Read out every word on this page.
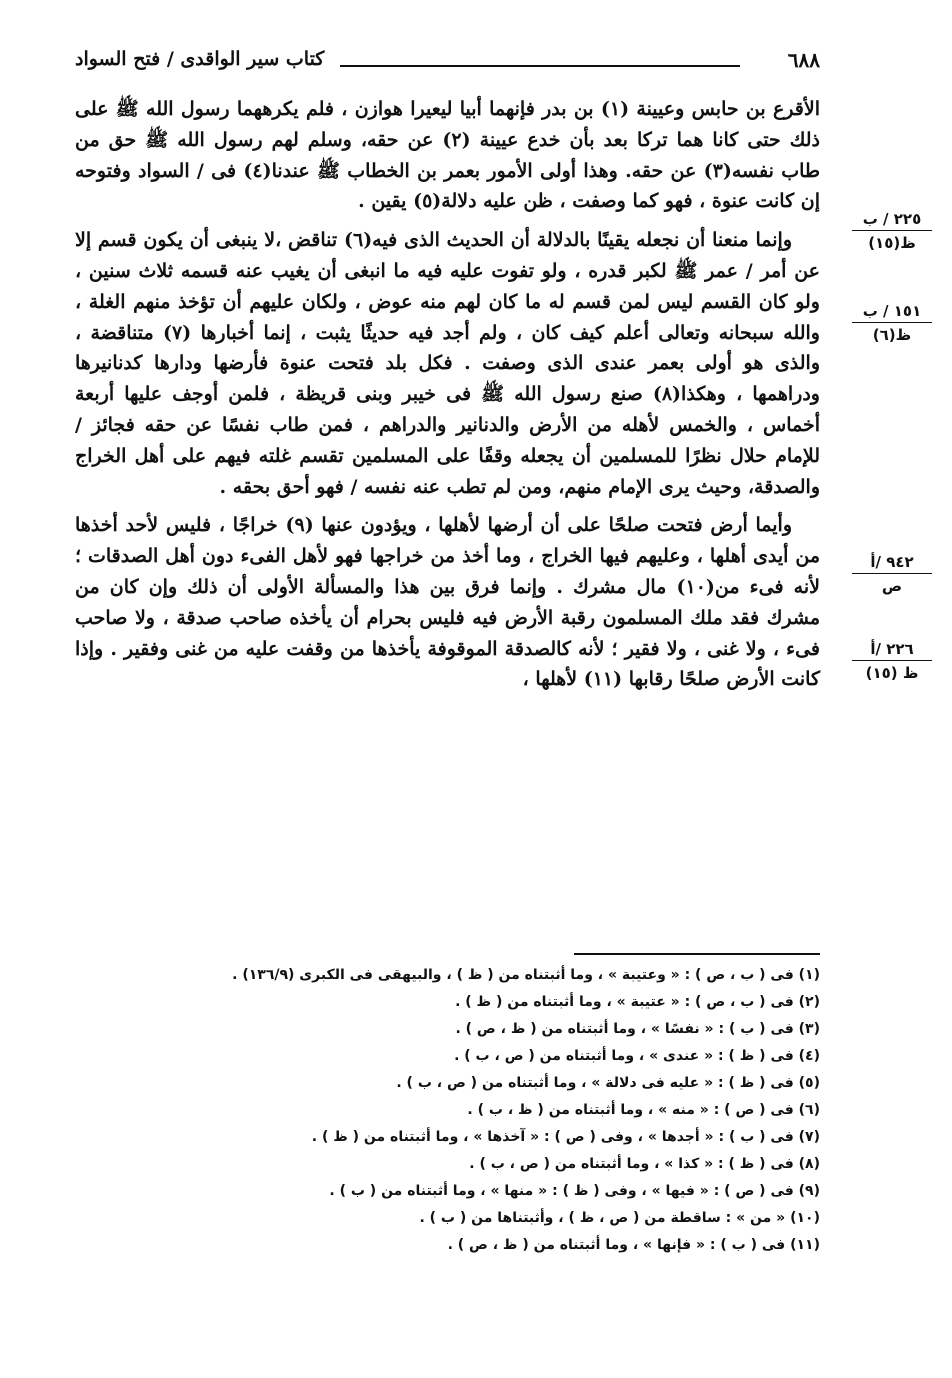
كتاب سير الواقدى / فتح السواد	٦٨٨
٢٢٥ / ب
ظ(١٥)
١٥١ / ب
ظ(٦)
٩٤٢ /أ
ص
٢٢٦ /أ
ظ (١٥)

الأقرع بن حابس وعيينة (١) بن بدر فإنهما أبيا ليعيرا هوازن ، فلم يكرههما رسول الله ﷺ على ذلك حتى كانا هما تركا بعد بأن خدع عيينة (٢) عن حقه، وسلم لهم رسول الله ﷺ حق من طاب نفسه(٣) عن حقه. وهذا أولى الأمور بعمر بن الخطاب ﷺ عندنا(٤) فى / السواد وفتوحه إن كانت عنوة ، فهو كما وصفت ، ظن عليه دلالة(٥) يقين .

وإنما منعنا أن نجعله يقينًا بالدلالة أن الحديث الذى فيه(٦) تناقض ،لا ينبغى أن يكون قسم إلا عن أمر / عمر ﷺ لكبر قدره ، ولو تفوت عليه فيه ما انبغى أن يغيب عنه قسمه ثلاث سنين ، ولو كان القسم ليس لمن قسم له ما كان لهم منه عوض ، ولكان عليهم أن تؤخذ منهم الغلة ، والله سبحانه وتعالى أعلم كيف كان ، ولم أجد فيه حديثًا يثبت ، إنما أخبارها (٧) متناقضة ، والذى هو أولى بعمر عندى الذى وصفت . فكل بلد فتحت عنوة فأرضها ودارها كدنانيرها ودراهمها ، وهكذا(٨) صنع رسول الله ﷺ فى خيبر وبنى قريظة ، فلمن أوجف عليها أربعة أخماس ، والخمس لأهله من الأرض والدنانير والدراهم ، فمن طاب نفسًا عن حقه فجائز / للإمام حلال نظرًا للمسلمين أن يجعله وقفًا على المسلمين تقسم غلته فيهم على أهل الخراج والصدقة، وحيث يرى الإمام منهم، ومن لم تطب عنه نفسه / فهو أحق بحقه .

وأيما أرض فتحت صلحًا على أن أرضها لأهلها ، ويؤدون عنها (٩) خراجًا ، فليس لأحد أخذها من أيدى أهلها ، وعليهم فيها الخراج ، وما أخذ من خراجها فهو لأهل الفىء دون أهل الصدقات ؛ لأنه فىء من(١٠) مال مشرك . وإنما فرق بين هذا والمسألة الأولى أن ذلك وإن كان من مشرك فقد ملك المسلمون رقبة الأرض فيه فليس بحرام أن يأخذه صاحب صدقة ، ولا صاحب فىء ، ولا غنى ، ولا فقير ؛ لأنه كالصدقة الموقوفة يأخذها من وقفت عليه من غنى وفقير . وإذا كانت الأرض صلحًا رقابها (١١) لأهلها ،

(١) فى ( ب ، ص ) : « وعتيبة » ، وما أثبتناه من ( ظ ) ، والبيهقى فى الكبرى (١٣٦/٩) .
(٢) فى ( ب ، ص ) : « عتيبة » ، وما أثبتناه من ( ظ ) .
(٣) فى ( ب ) : « نفسًا » ، وما أثبتناه من ( ظ ، ص ) .
(٤) فى ( ظ ) : « عندى » ، وما أثبتناه من ( ص ، ب ) .
(٥) فى ( ظ ) : « عليه فى دلالة » ، وما أثبتناه من ( ص ، ب ) .
(٦) فى ( ص ) : « منه » ، وما أثبتناه من ( ظ ، ب ) .
(٧) فى ( ب ) : « أجدها » ، وفى ( ص ) : « آخذها » ، وما أثبتناه من ( ظ ) .
(٨) فى ( ظ ) : « كذا » ، وما أثبتناه من ( ص ، ب ) .
(٩) فى ( ص ) : « فيها » ، وفى ( ظ ) : « منها » ، وما أثبتناه من ( ب ) .
(١٠) « من » : ساقطة من ( ص ، ظ ) ، وأثبتناها من ( ب ) .
(١١) فى ( ب ) : « فإنها » ، وما أثبتناه من ( ظ ، ص ) .
